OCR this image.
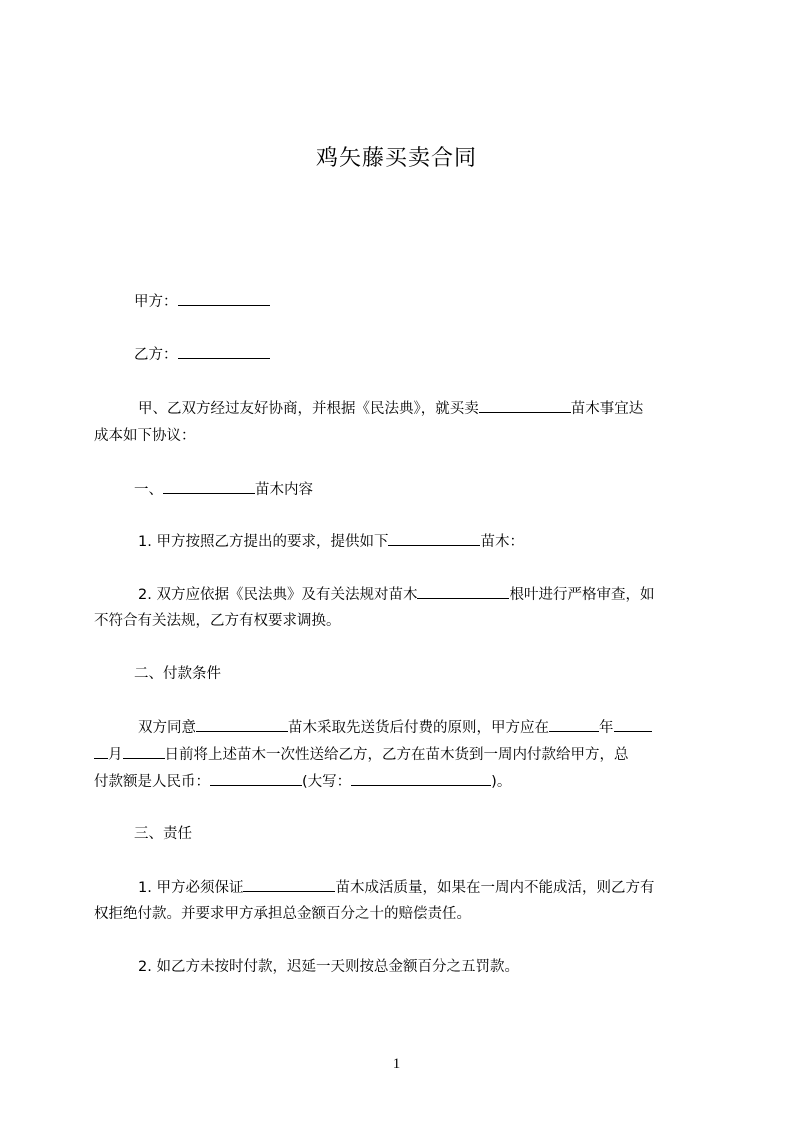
鸡矢藤买卖合同
甲方：
乙方：
甲、乙双方经过友好协商，并根据《民法典》，就买卖	苗木事宜达
成本如下协议：
一、	苗木内容
1. 甲方按照乙方提出的要求，提供如下	苗木：
2. 双方应依据《民法典》及有关法规对苗木	根叶进行严格审查，如
不符合有关法规，乙方有权要求调换。
二、付款条件
双方同意	苗木采取先送货后付费的原则，甲方应在	年
月	日前将上述苗木一次性送给乙方，乙方在苗木货到一周内付款给甲方，总
付款额是人民币：	(大写：	)。
三、责任
1. 甲方必须保证	苗木成活质量，如果在一周内不能成活，则乙方有
权拒绝付款。并要求甲方承担总金额百分之十的赔偿责任。
2. 如乙方未按时付款，迟延一天则按总金额百分之五罚款。
1
